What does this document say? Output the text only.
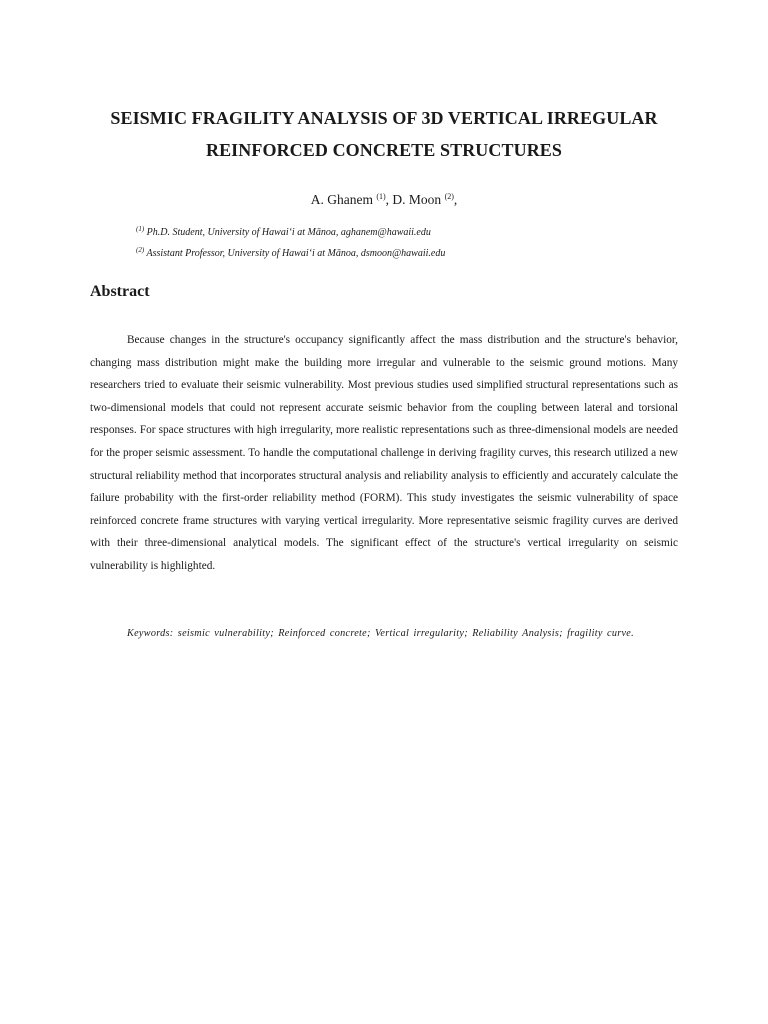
SEISMIC FRAGILITY ANALYSIS OF 3D VERTICAL IRREGULAR
REINFORCED CONCRETE STRUCTURES
A. Ghanem $^{(1)}$, D. Moon $^{(2)}$,
$^{(1)}$ Ph.D. Student, University of Hawaiʻi at Mānoa, aghanem@hawaii.edu
$^{(2)}$ Assistant Professor, University of Hawaiʻi at Mānoa, dsmoon@hawaii.edu
Abstract

Because changes in the structure's occupancy significantly affect the mass distribution and the structure's behavior, changing mass distribution might make the building more irregular and vulnerable to the seismic ground motions. Many researchers tried to evaluate their seismic vulnerability. Most previous studies used simplified structural representations such as two-dimensional models that could not represent accurate seismic behavior from the coupling between lateral and torsional responses. For space structures with high irregularity, more realistic representations such as three-dimensional models are needed for the proper seismic assessment. To handle the computational challenge in deriving fragility curves, this research utilized a new structural reliability method that incorporates structural analysis and reliability analysis to efficiently and accurately calculate the failure probability with the first-order reliability method (FORM). This study investigates the seismic vulnerability of space reinforced concrete frame structures with varying vertical irregularity. More representative seismic fragility curves are derived with their three-dimensional analytical models. The significant effect of the structure's vertical irregularity on seismic vulnerability is highlighted.

Keywords: seismic vulnerability; Reinforced concrete; Vertical irregularity; Reliability Analysis; fragility curve.
